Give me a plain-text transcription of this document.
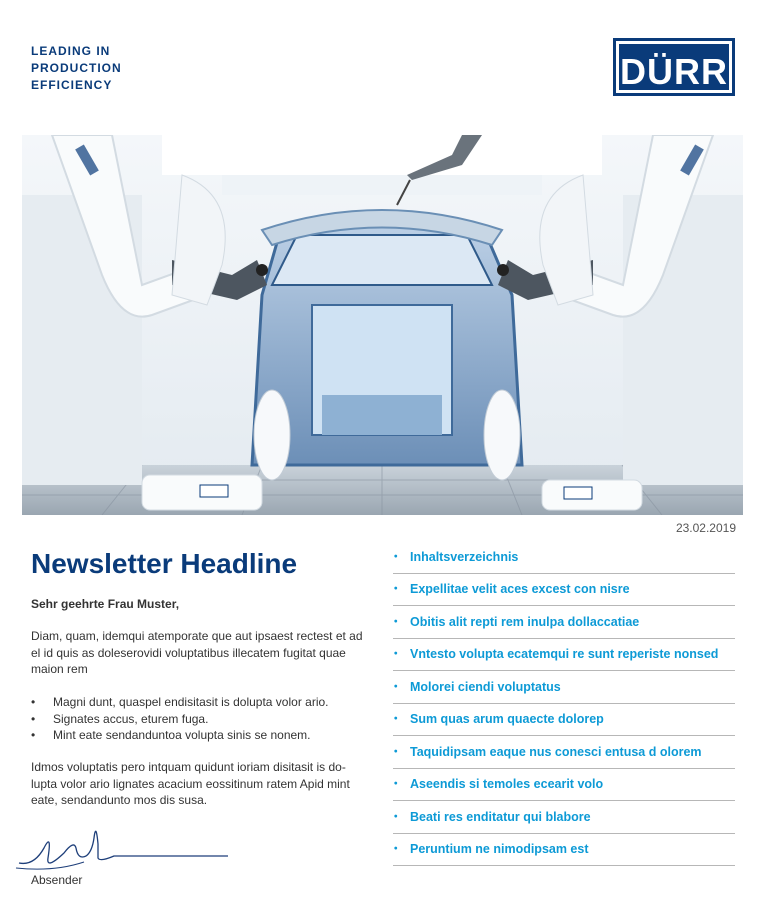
LEADING IN
PRODUCTION
EFFICIENCY	DÜRR
23.02.2019
Newsletter Headline
Sehr geehrte Frau Muster,

Diam, quam, idemqui atemporate que aut ipsaest rectest et ad el id quis as doleserovidi voluptatibus illecatem fugitat quae maion rem

• Magni dunt, quaspel endisitasit is dolupta volor ario.
• Signates accus, eturem fuga.
• Mint eate sendanduntoa volupta sinis se nonem.

Idmos voluptatis pero intquam quidunt ioriam disitasit is do-lupta volor ario lignates acacium eossitinum ratem Apid mint eate, sendandunto mos dis susa.

Absender
• Inhaltsverzeichnis
• Expellitae velit aces excest con nisre
• Obitis alit repti rem inulpa dollaccatiae
• Vntesto volupta ecatemqui re sunt reperiste nonsed
• Molorei ciendi voluptatus
• Sum quas arum quaecte dolorep
• Taquidipsam eaque nus conesci entusa d olorem
• Aseendis si temoles ecearit volo
• Beati res enditatur qui blabore
• Peruntium ne nimodipsam est
